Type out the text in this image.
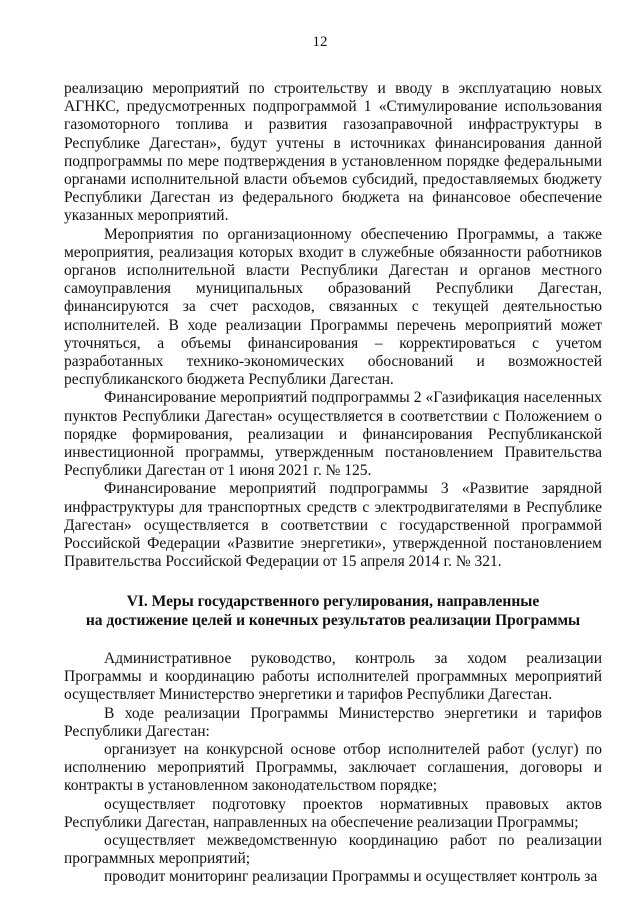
12

реализацию мероприятий по строительству и вводу в эксплуатацию новых АГНКС, предусмотренных подпрограммой 1 «Стимулирование использования газомоторного топлива и развития газозаправочной инфраструктуры в Республике Дагестан», будут учтены в источниках финансирования данной подпрограммы по мере подтверждения в установленном порядке федеральными органами исполнительной власти объемов субсидий, предоставляемых бюджету Республики Дагестан из федерального бюджета на финансовое обеспечение указанных мероприятий.

Мероприятия по организационному обеспечению Программы, а также мероприятия, реализация которых входит в служебные обязанности работников органов исполнительной власти Республики Дагестан и органов местного самоуправления муниципальных образований Республики Дагестан, финансируются за счет расходов, связанных с текущей деятельностью исполнителей. В ходе реализации Программы перечень мероприятий может уточняться, а объемы финансирования – корректироваться с учетом разработанных технико-экономических обоснований и возможностей республиканского бюджета Республики Дагестан.

Финансирование мероприятий подпрограммы 2 «Газификация населенных пунктов Республики Дагестан» осуществляется в соответствии с Положением о порядке формирования, реализации и финансирования Республиканской инвестиционной программы, утвержденным постановлением Правительства Республики Дагестан от 1 июня 2021 г. № 125.

Финансирование мероприятий подпрограммы 3 «Развитие зарядной инфраструктуры для транспортных средств с электродвигателями в Республике Дагестан» осуществляется в соответствии с государственной программой Российской Федерации «Развитие энергетики», утвержденной постановлением Правительства Российской Федерации от 15 апреля 2014 г. № 321.

VI. Меры государственного регулирования, направленные
на достижение целей и конечных результатов реализации Программы

Административное руководство, контроль за ходом реализации Программы и координацию работы исполнителей программных мероприятий осуществляет Министерство энергетики и тарифов Республики Дагестан.

В ходе реализации Программы Министерство энергетики и тарифов Республики Дагестан:

организует на конкурсной основе отбор исполнителей работ (услуг) по исполнению мероприятий Программы, заключает соглашения, договоры и контракты в установленном законодательством порядке;

осуществляет подготовку проектов нормативных правовых актов Республики Дагестан, направленных на обеспечение реализации Программы;

осуществляет межведомственную координацию работ по реализации программных мероприятий;

проводит мониторинг реализации Программы и осуществляет контроль за
